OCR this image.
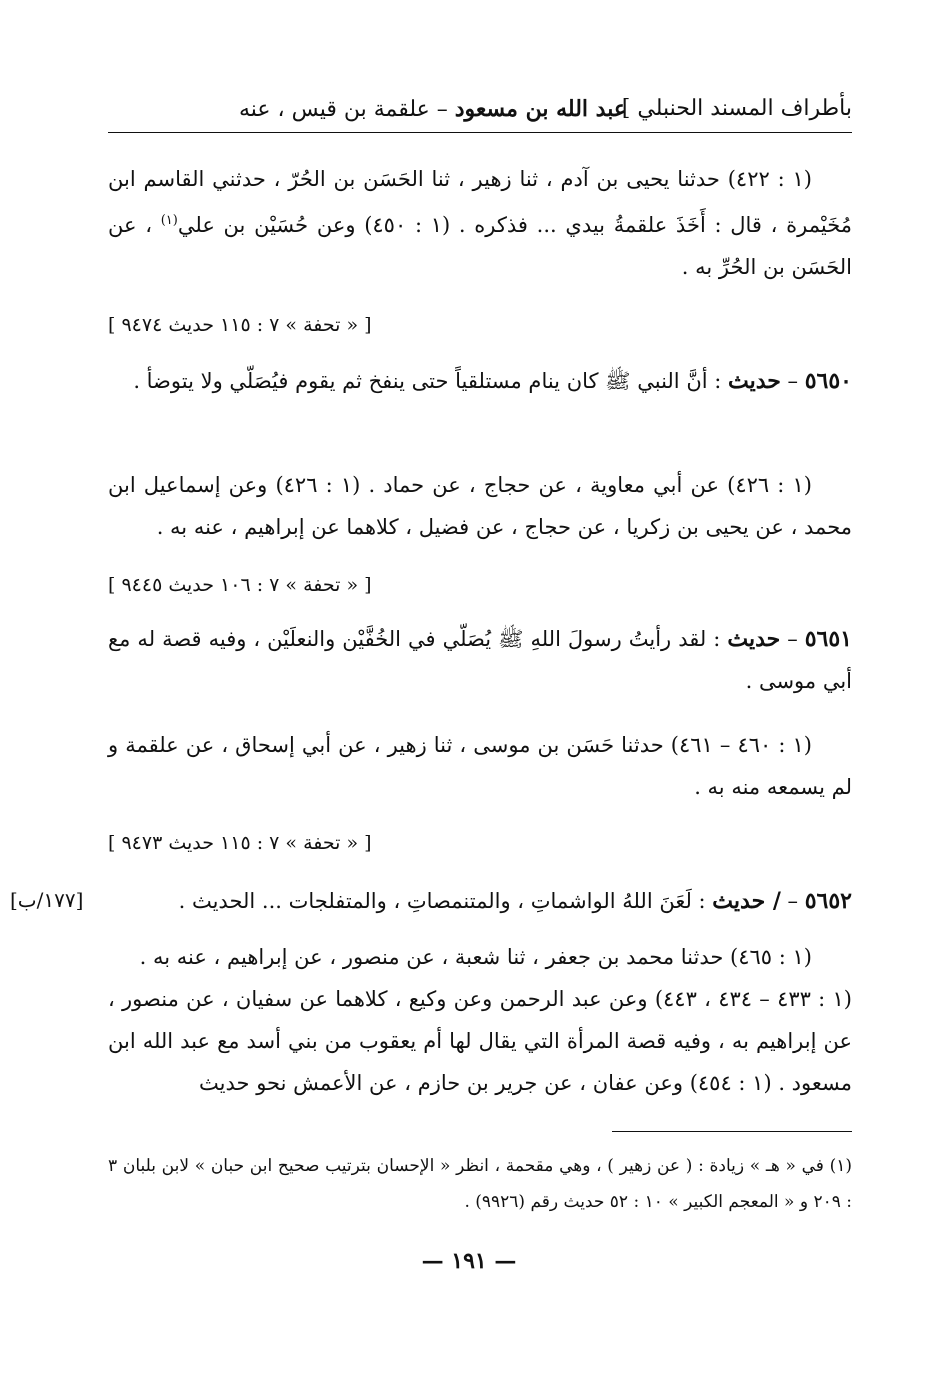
بأطراف المسند الحنبلي ]
عبد الله بن مسعود – علقمة بن قيس ، عنه
(١ : ٤٢٢) حدثنا يحيى بن آدم ، ثنا زهير ، ثنا الحَسَن بن الحُرّ ، حدثني القاسم ابن مُخَيْمرة ، قال : أَخَذَ علقمةُ بيدي ... فذكره . (١ : ٤٥٠) وعن حُسَيْن بن علي$^{(١)}$ ، عن الحَسَن بن الحُرِّ به .
[ « تحفة » ٧ : ١١٥ حديث ٩٤٧٤ ]
٥٦٥٠ – حديث : أنَّ النبي ﷺ كان ينام مستلقياً حتى ينفخ ثم يقوم فيُصَلّي ولا يتوضأ .
(١ : ٤٢٦) عن أبي معاوية ، عن حجاج ، عن حماد . (١ : ٤٢٦) وعن إسماعيل ابن محمد ، عن يحيى بن زكريا ، عن حجاج ، عن فضيل ، كلاهما عن إبراهيم ، عنه به .
[ « تحفة » ٧ : ١٠٦ حديث ٩٤٤٥ ]
٥٦٥١ – حديث : لقد رأيتُ رسولَ اللهِ ﷺ يُصَلّي في الخُفَّيْن والنعلَيْن ، وفيه قصة له مع أبي موسى .
(١ : ٤٦٠ – ٤٦١) حدثنا حَسَن بن موسى ، ثنا زهير ، عن أبي إسحاق ، عن علقمة و لم يسمعه منه به .
[ « تحفة » ٧ : ١١٥ حديث ٩٤٧٣ ]
٥٦٥٢ – / حديث : لَعَنَ اللهُ الواشماتِ ، والمتنمصاتِ ، والمتفلجات ... الحديث .
[١٧٧/ب]
(١ : ٤٦٥) حدثنا محمد بن جعفر ، ثنا شعبة ، عن منصور ، عن إبراهيم ، عنه به .
(١ : ٤٣٣ – ٤٣٤ ، ٤٤٣) وعن عبد الرحمن وعن وكيع ، كلاهما عن سفيان ، عن منصور ، عن إبراهيم به ، وفيه قصة المرأة التي يقال لها أم يعقوب من بني أسد مع عبد الله ابن مسعود . (١ : ٤٥٤) وعن عفان ، عن جرير بن حازم ، عن الأعمش نحو حديث
(١) في « هـ » زيادة : ( عن زهير ) ، وهي مقحمة ، انظر « الإحسان بترتيب صحيح ابن حبان » لابن بلبان ٣ : ٢٠٩ و « المعجم الكبير » ١٠ : ٥٢ حديث رقم (٩٩٢٦) .
— ١٩١ —
